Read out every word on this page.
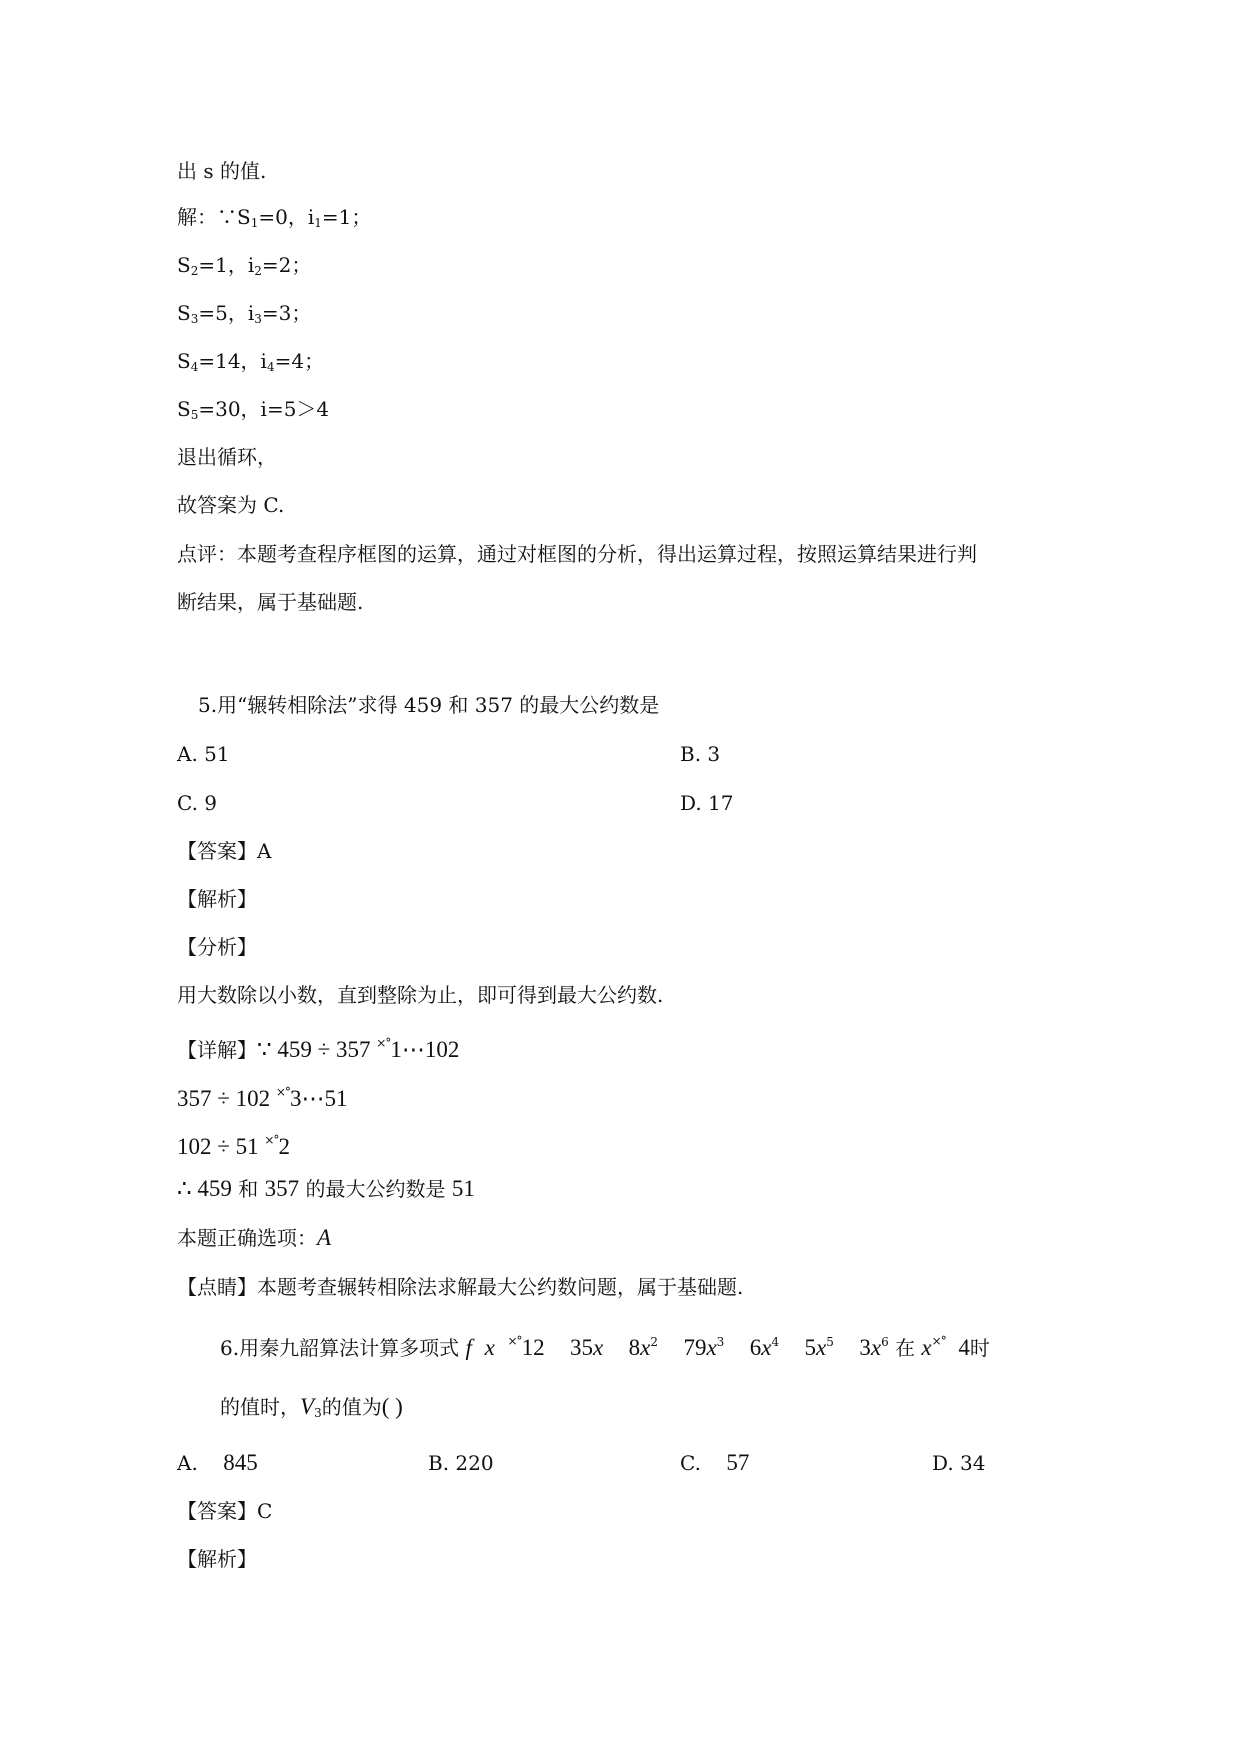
出 s 的值.
解：$\because S_1=0$，$i_1=1$；
$S_2=1$，$i_2=2$；
$S_3=5$，$i_3=3$；
$S_4=14$，$i_4=4$；
$S_5=30$，i=5＞4
退出循环，
故答案为 C.
点评：本题考查程序框图的运算，通过对框图的分析，得出运算过程，按照运算结果进行判
断结果，属于基础题.
5.用“辗转相除法”求得 459 和 357 的最大公约数是
A. 51	B. 3
C. 9	D. 17
【答案】A
【解析】
【分析】
用大数除以小数，直到整除为止，即可得到最大公约数.
【详解】∵ 459 ÷ 357 ×°1⋯102
357 ÷ 102 ×°3⋯51
102 ÷ 51 ×°2
∴ 459 和 357 的最大公约数是 51
本题正确选项：A
【点睛】本题考查辗转相除法求解最大公约数问题，属于基础题.
6.用秦九韶算法计算多项式 f x ×°12 35x $8x^2$ $79x^3$ $6x^4$ $5x^5$ $3x^6$ 在 x×° 4时
的值时，$V_3$的值为( )
A. 845	B. 220	C. 57	D. 34
【答案】C
【解析】
